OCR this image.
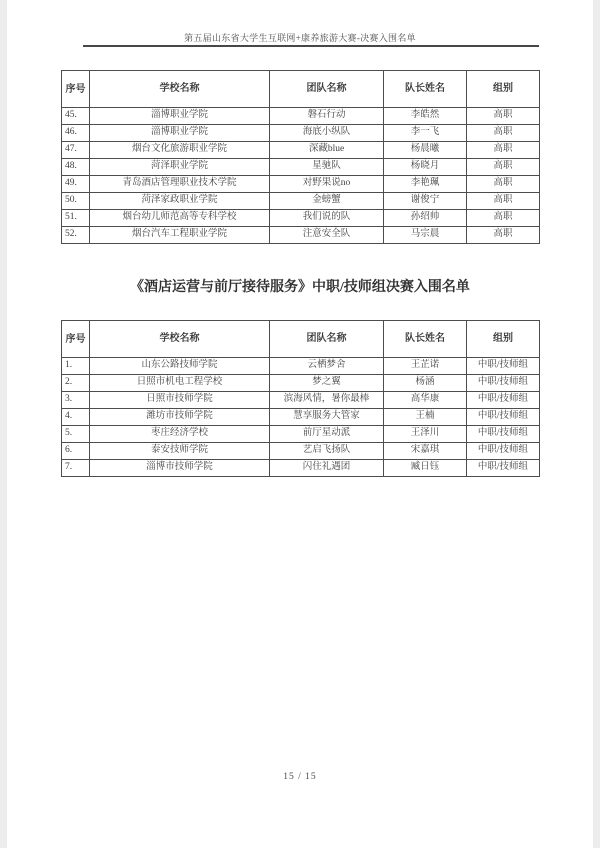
第五届山东省大学生互联网+康养旅游大赛-决赛入围名单
序号	学校名称	团队名称	队长姓名	组别
45.	淄博职业学院	磐石行动	李皓然	高职
46.	淄博职业学院	海底小纵队	李一飞	高职
47.	烟台文化旅游职业学院	深藏blue	杨晨曦	高职
48.	菏泽职业学院	星驰队	杨晓月	高职
49.	青岛酒店管理职业技术学院	对野果说no	李艳珮	高职
50.	菏泽家政职业学院	金螃蟹	谢俊宁	高职
51.	烟台幼儿师范高等专科学校	我们说的队	孙绍帅	高职
52.	烟台汽车工程职业学院	注意安全队	马宗晨	高职
《酒店运营与前厅接待服务》中职/技师组决赛入围名单
序号	学校名称	团队名称	队长姓名	组别
1.	山东公路技师学院	云栖梦舍	王芷诺	中职/技师组
2.	日照市机电工程学校	梦之翼	杨涵	中职/技师组
3.	日照市技师学院	滨海风情，暑你最棒	高华康	中职/技师组
4.	潍坊市技师学院	慧享服务大管家	王楠	中职/技师组
5.	枣庄经济学校	前厅星动派	王泽川	中职/技师组
6.	泰安技师学院	艺启飞扬队	宋嘉琪	中职/技师组
7.	淄博市技师学院	闪住礼遇团	臧日钰	中职/技师组
15 / 15
